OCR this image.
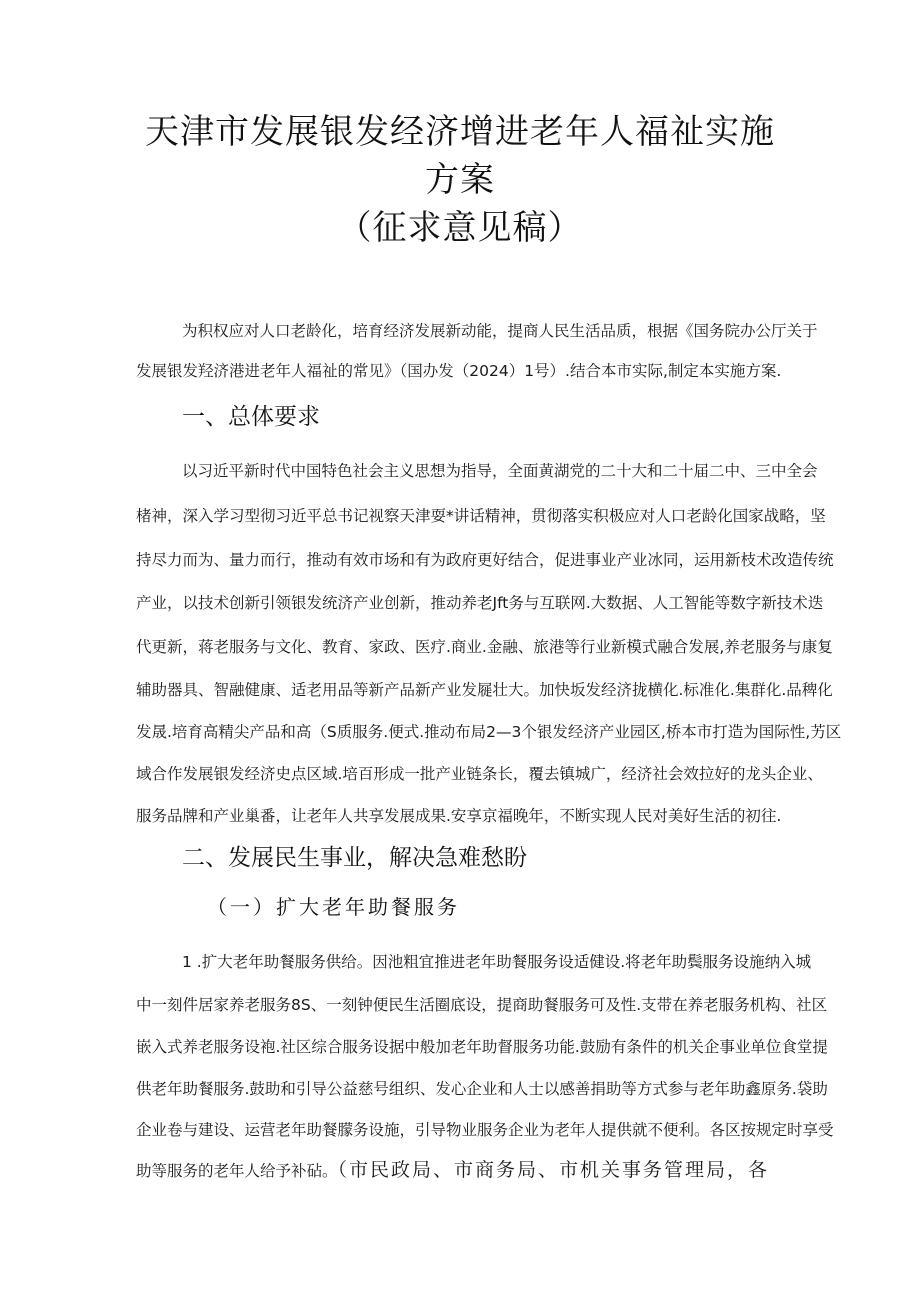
天津市发展银发经济增进老年人福祉实施
方案
（征求意见稿）
为积权应对人口老龄化，培育经济发展新动能，提商人民生活品质，根据《国务院办公厅关于
发展银发羟济港进老年人福祉的常见》（国办发（2024）1号）.结合本市实际,制定本实施方案.
一、总体要求
以习近平新时代中国特色社会主义思想为指导，全面黄湖党的二十大和二十届二中、三中全会
楮神，深入学习型彻习近平总书记视察天津耍*讲话精神，贯彻落实积极应对人口老龄化国家战略，坚
持尽力而为、量力而行，推动有效市场和有为政府更好结合，促进事业产业冰同，运用新枝术改造传统
产业，以技术创新引领银发统济产业创新，推动养老Jft务与互联网.大数据、人工智能等数字新技术迭
代更新，蒋老服务与文化、教育、家政、医疗.商业.金融、旅港等行业新模式融合发展,养老服务与康复
辅助器具、智融健康、适老用品等新产品新产业发屣壮大。加快坂发经济拢横化.标准化.集群化.品稗化
发晟.培育高精尖产品和高（S质服务.便式.推动布局2—3个银发经济产业园区,桥本市打造为国际性,艻区
域合作发展银发经济史点区域.培百形成一批产业链条长，覆去镇城广，经济社会效拉好的龙头企业、
服务品牌和产业巢番，让老年人共享发展成果.安享京福晚年，不断实现人民对美好生活的初往.
二、发展民生事业，解决急难愁盼
（一）扩大老年助餐服务
1 .扩大老年助餐服务供给。因池粗宜推进老年助餐服务设适健设.将老年助鬓服务设施纳入城
中一刻件居家养老服务8S、一刻钟便民生活圈底设，提商助餐服务可及性.支带在养老服务机构、社区
嵌入式养老服务设袍.社区综合服务设据中般加老年助督服务功能.鼓励有条件的机关企事业单位食堂提
供老年助餐服务.鼓助和引导公益慈号组织、发心企业和人士以感善捐助等方式参与老年助鑫原务.袋助
企业卷与建设、运营老年助餐朦务设施，引导物业服务企业为老年人提供就不便利。各区按规定时享受
助等服务的老年人给予补砧。（市民政局、市商务局、市机关事务管理局，各
